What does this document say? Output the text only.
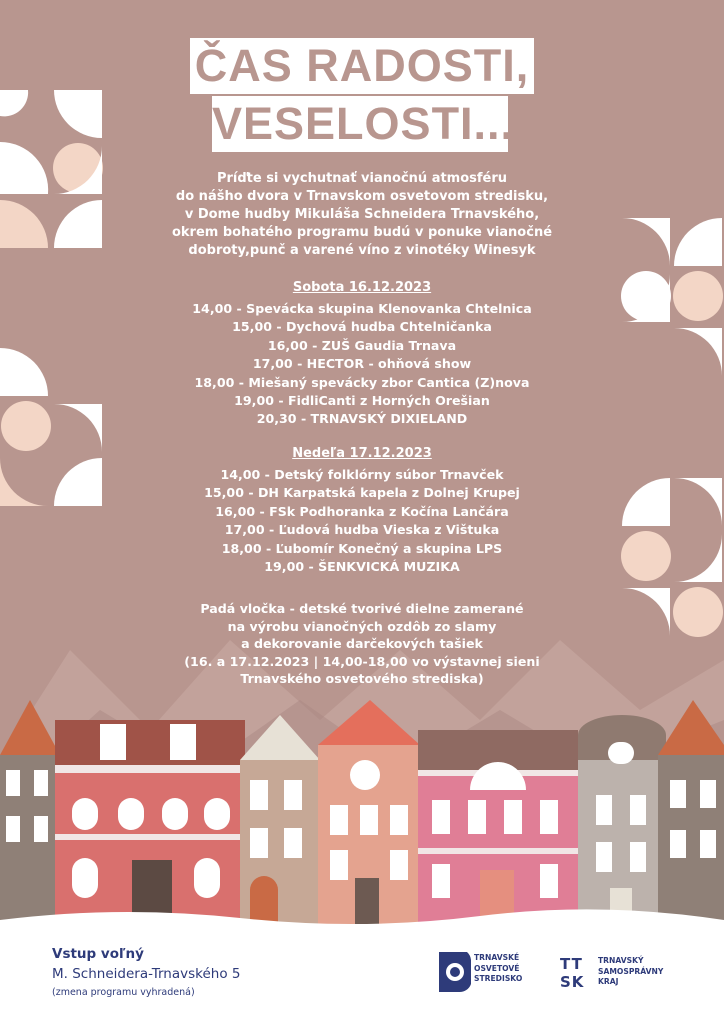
ČAS RADOSTI,
VESELOSTI...
Príďte si vychutnať vianočnú atmosféru
do nášho dvora v Trnavskom osvetovom stredisku,
v Dome hudby Mikuláša Schneidera Trnavského,
okrem bohatého programu budú v ponuke vianočné
dobroty,punč a varené víno z vinotéky Winesyk
Sobota 16.12.2023
14,00 - Spevácka skupina Klenovanka Chtelnica
15,00 - Dychová hudba Chtelničanka
16,00 - ZUŠ Gaudia Trnava
17,00 - HECTOR - ohňová show
18,00 - Miešaný spevácky zbor Cantica (Z)nova
19,00 - FidliCanti z Horných Orešian
20,30 - TRNAVSKÝ DIXIELAND
Nedeľa 17.12.2023
14,00 - Detský folklórny súbor Trnavček
15,00 - DH Karpatská kapela z Dolnej Krupej
16,00 - FSk Podhoranka z Kočína Lančára
17,00 - Ľudová hudba Vieska z Vištuka
18,00 - Ľubomír Konečný a skupina LPS
19,00 - ŠENKVICKÁ MUZIKA
Padá vločka - detské tvorivé dielne zamerané
na výrobu vianočných ozdôb zo slamy
a dekorovanie darčekových tašiek
(16. a 17.12.2023 | 14,00-18,00 vo výstavnej sieni
Trnavského osvetového strediska)
Vstup voľný
M. Schneidera-Trnavského 5
(zmena programu vyhradená)
TRNAVSKÉ
OSVETOVÉ
STREDISKO
TT
SK
TRNAVSKÝ
SAMOSPRÁVNY
KRAJ
